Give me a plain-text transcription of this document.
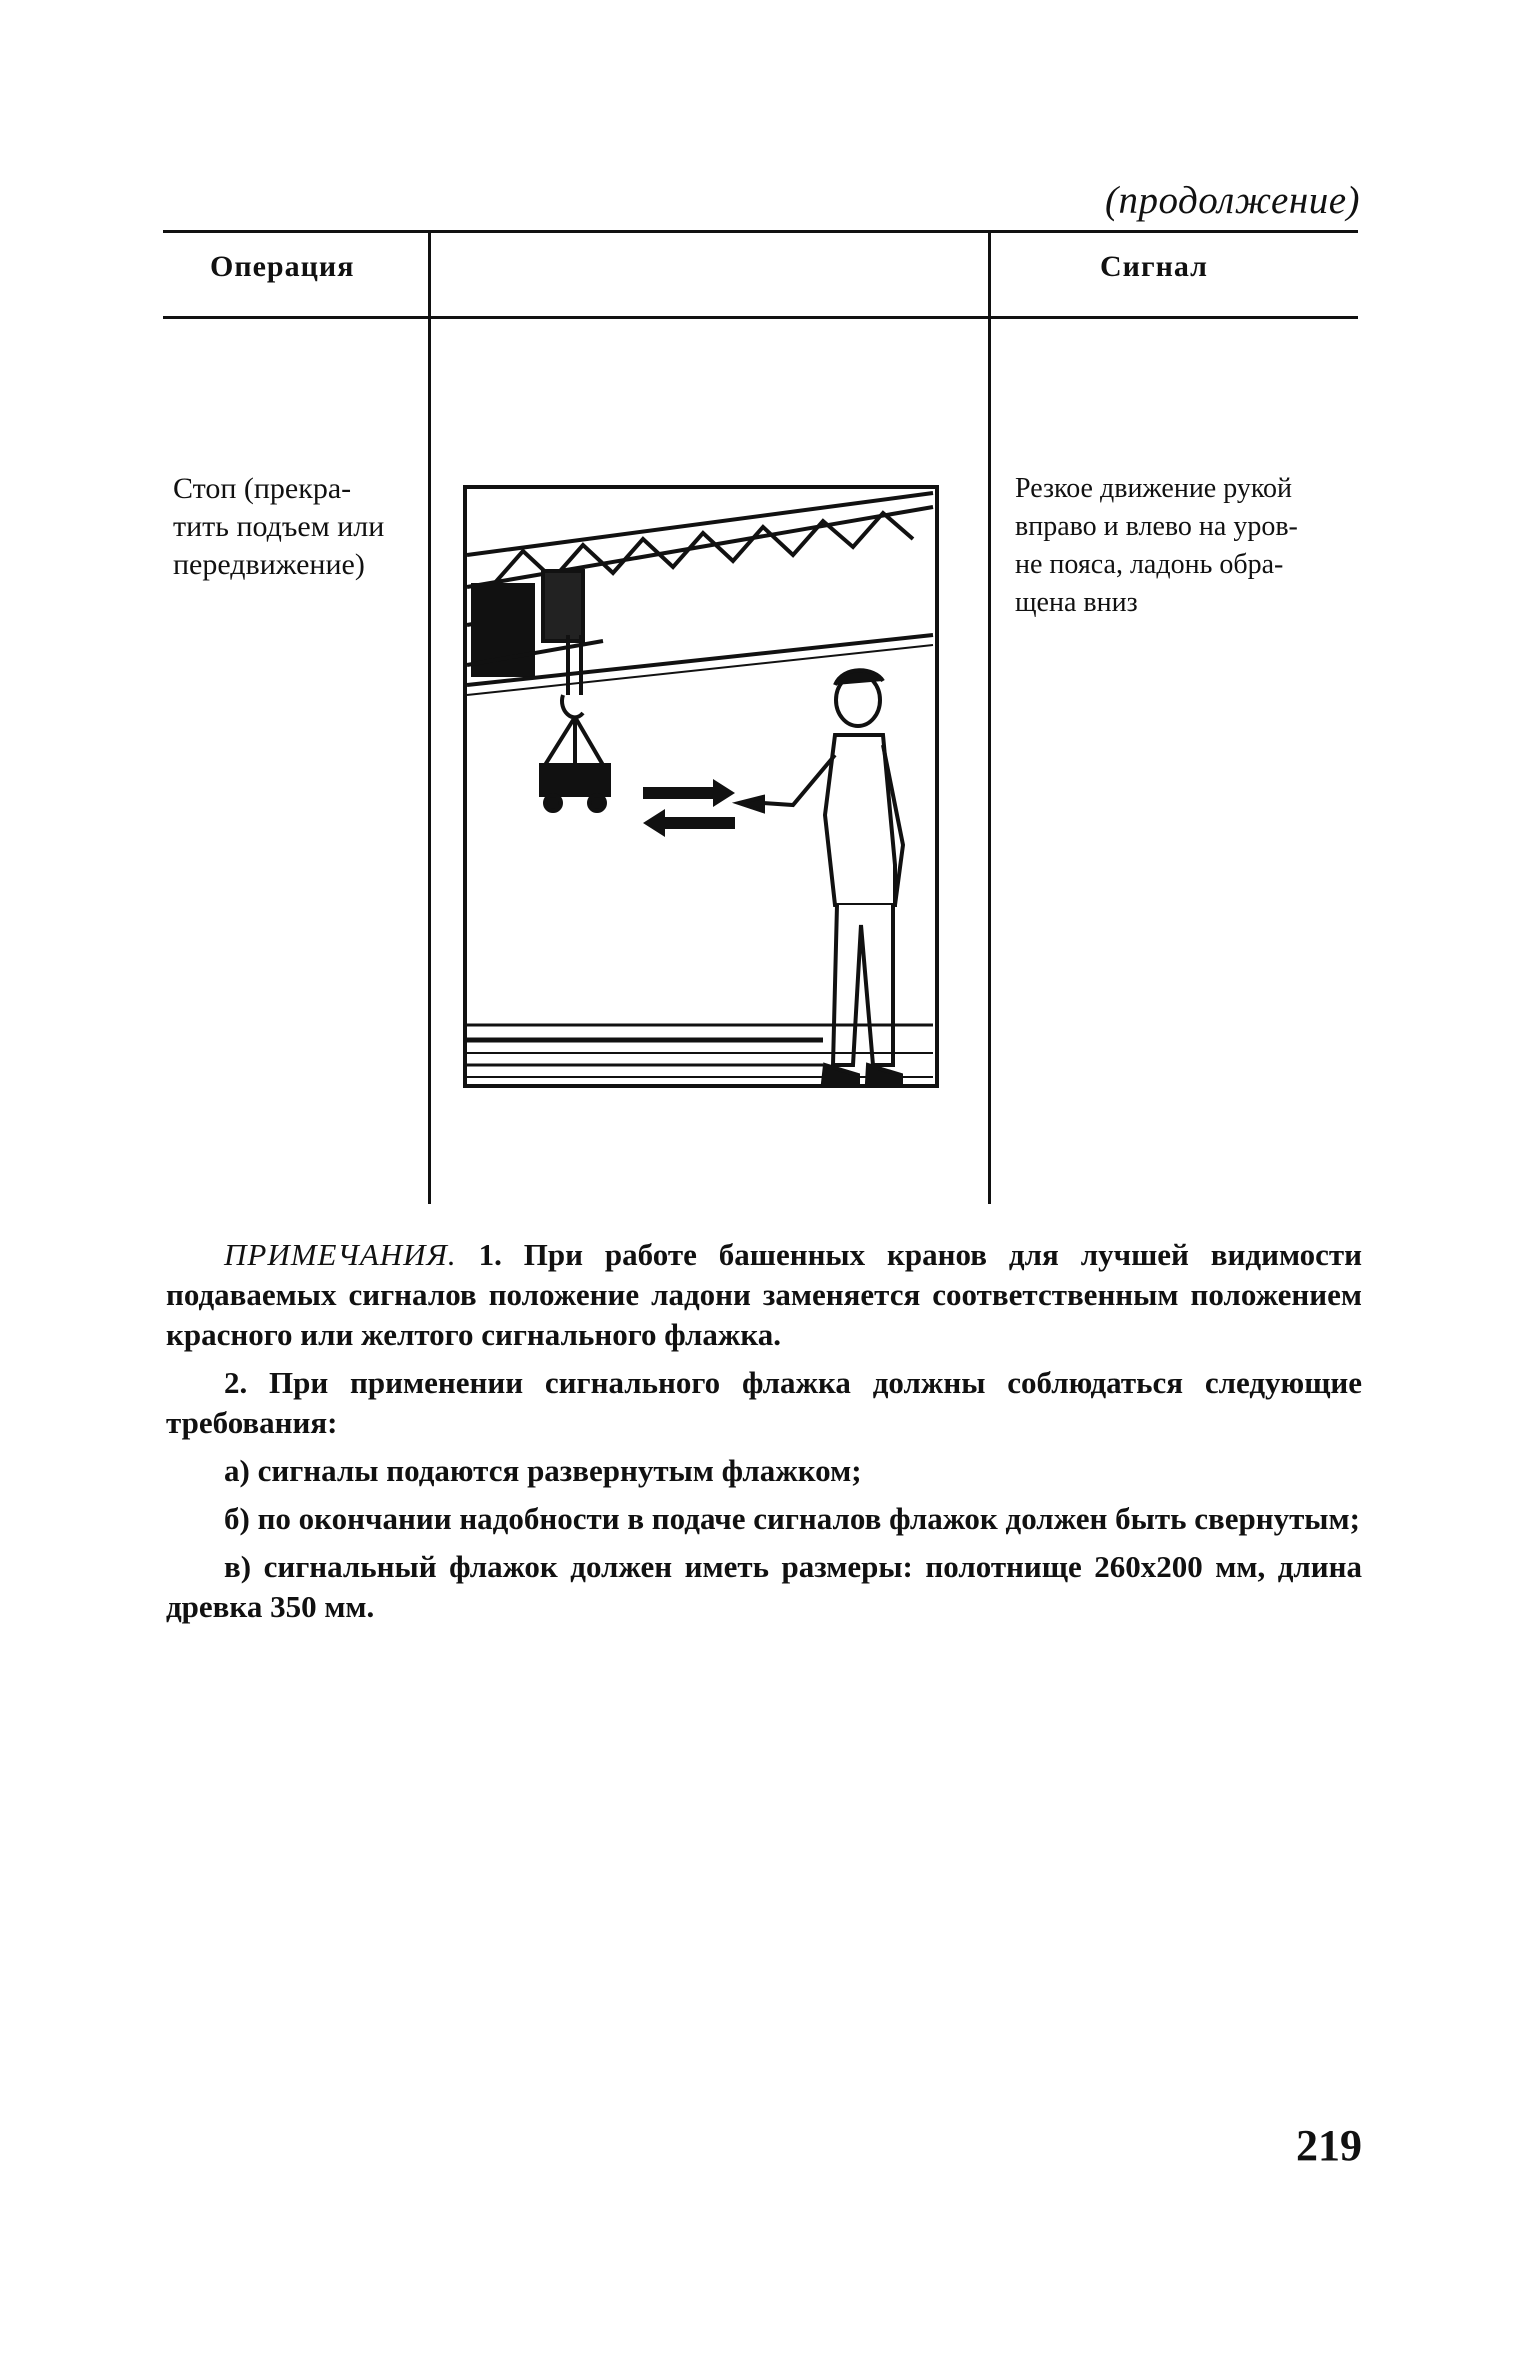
(продолжение)
Операция	Сигнал
Стоп (прекра-
тить подъем или
передвижение)
Резкое движение рукой
вправо и влево на уров-
не пояса, ладонь обра-
щена вниз

ПРИМЕЧАНИЯ. 1. При работе башенных кранов для лучшей видимости подаваемых сигналов положение ладони заменяется соответственным положением красного или желтого сигнального флажка.

2. При применении сигнального флажка должны соблюдаться следующие требования:

а) сигналы подаются развернутым флажком;

б) по окончании надобности в подаче сигналов флажок должен быть свернутым;

в) сигнальный флажок должен иметь размеры: полотнище 260х200 мм, длина древка 350 мм.

219
